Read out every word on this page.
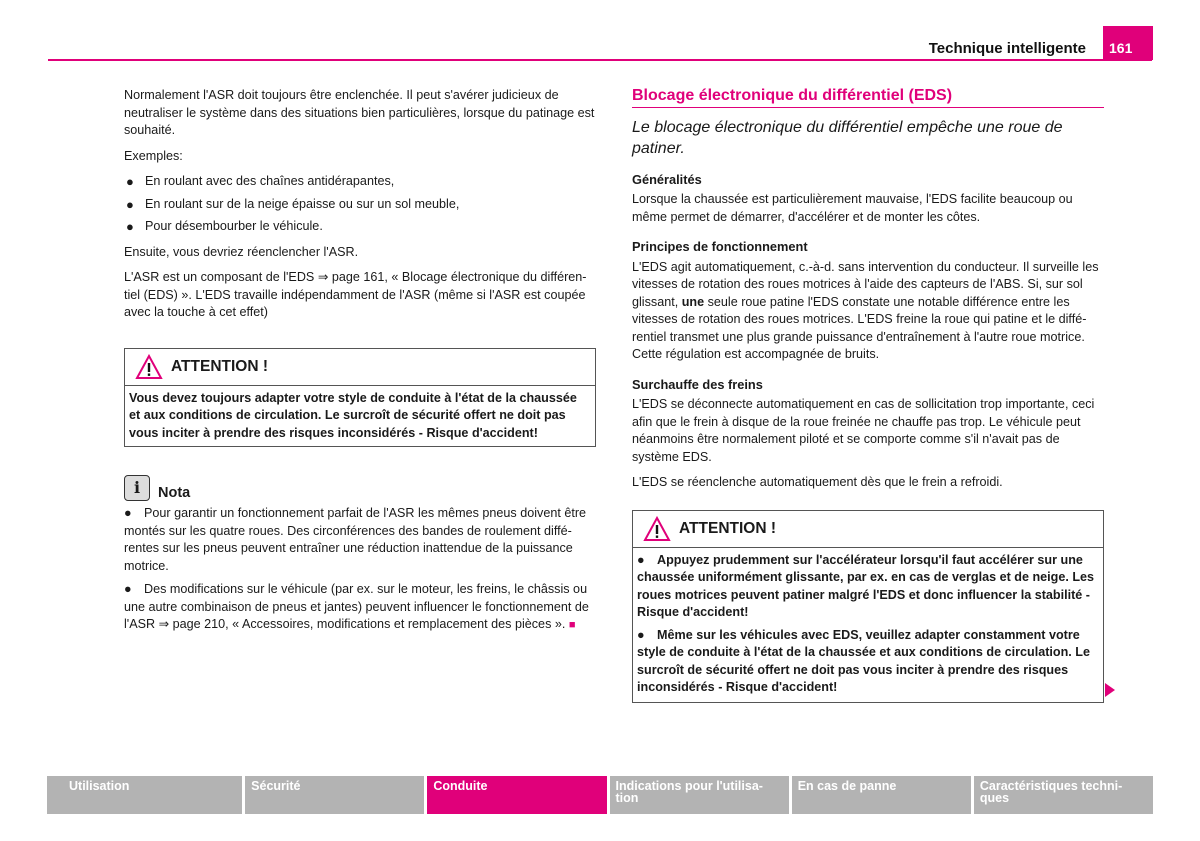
Technique intelligente	161

Normalement l'ASR doit toujours être enclenchée. Il peut s'avérer judicieux de neutraliser le système dans des situations bien particulières, lorsque du patinage est souhaité.

Exemples:

● En roulant avec des chaînes antidérapantes,
● En roulant sur de la neige épaisse ou sur un sol meuble,
● Pour désembourber le véhicule.

Ensuite, vous devriez réenclencher l'ASR.

L'ASR est un composant de l'EDS ⇒ page 161, « Blocage électronique du différen-tiel (EDS) ». L'EDS travaille indépendamment de l'ASR (même si l'ASR est coupée avec la touche à cet effet)

ATTENTION !
Vous devez toujours adapter votre style de conduite à l'état de la chaussée et aux conditions de circulation. Le surcroît de sécurité offert ne doit pas vous inciter à prendre des risques inconsidérés - Risque d'accident!
i	Nota
● Pour garantir un fonctionnement parfait de l'ASR les mêmes pneus doivent être montés sur les quatre roues. Des circonférences des bandes de roulement diffé-rentes sur les pneus peuvent entraîner une réduction inattendue de la puissance motrice.
● Des modifications sur le véhicule (par ex. sur le moteur, les freins, le châssis ou une autre combinaison de pneus et jantes) peuvent influencer le fonctionnement de l'ASR ⇒ page 210, « Accessoires, modifications et remplacement des pièces ». ■
Blocage électronique du différentiel (EDS)
Le blocage électronique du différentiel empêche une roue de patiner.
Généralités

Lorsque la chaussée est particulièrement mauvaise, l'EDS facilite beaucoup ou même permet de démarrer, d'accélérer et de monter les côtes.

Principes de fonctionnement

L'EDS agit automatiquement, c.-à-d. sans intervention du conducteur. Il surveille les vitesses de rotation des roues motrices à l'aide des capteurs de l'ABS. Si, sur sol glissant, une seule roue patine l'EDS constate une notable différence entre les vitesses de rotation des roues motrices. L'EDS freine la roue qui patine et le diffé-rentiel transmet une plus grande puissance d'entraînement à l'autre roue motrice. Cette régulation est accompagnée de bruits.

Surchauffe des freins

L'EDS se déconnecte automatiquement en cas de sollicitation trop importante, ceci afin que le frein à disque de la roue freinée ne chauffe pas trop. Le véhicule peut néanmoins être normalement piloté et se comporte comme s'il n'avait pas de système EDS.

L'EDS se réenclenche automatiquement dès que le frein a refroidi.

ATTENTION !

● Appuyez prudemment sur l'accélérateur lorsqu'il faut accélérer sur une chaussée uniformément glissante, par ex. en cas de verglas et de neige. Les roues motrices peuvent patiner malgré l'EDS et donc influencer la stabilité - Risque d'accident!

● Même sur les véhicules avec EDS, veuillez adapter constamment votre style de conduite à l'état de la chaussée et aux conditions de circulation. Le surcroît de sécurité offert ne doit pas vous inciter à prendre des risques inconsidérés - Risque d'accident!

Utilisation	Sécurité	Conduite	Indications pour l'utilisa-
tion
En cas de panne	Caractéristiques techni-
ques
